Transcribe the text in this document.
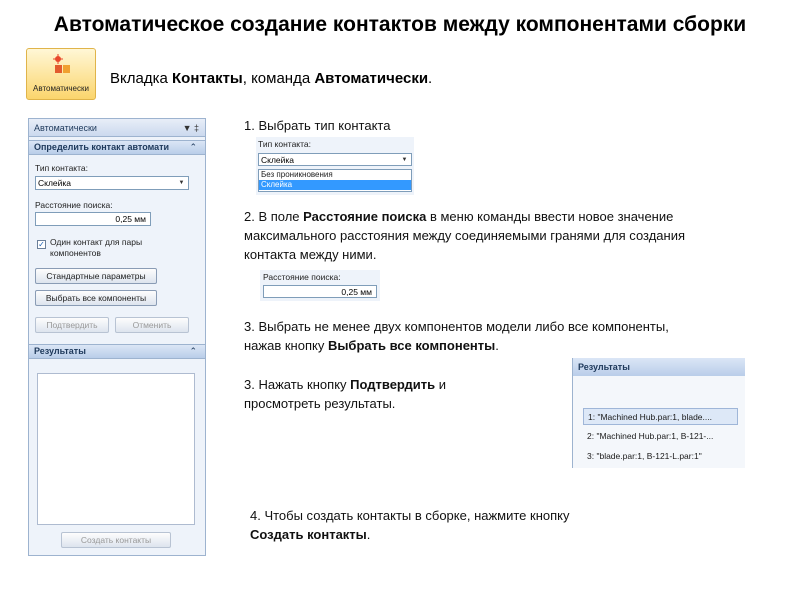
Автоматическое создание контактов между компонентами сборки
Автоматически
Вкладка Контакты, команда Автоматически.
Автоматически	▼ ‡
Определить контакт автомати ⌃
Тип контакта:
Склейка	▼
Расстояние поиска:
0,25 мм
✓ Один контакт для пары
компонентов
Стандартные параметры
Выбрать все компоненты
Подтвердить	Отменить
Результаты	⌃
Создать контакты
1. Выбрать тип контакта
Тип контакта:
Склейка	▼
Без проникновения
Склейка
2. В поле Расстояние поиска в меню команды ввести новое значение
максимального расстояния между соединяемыми гранями для создания
контакта между ними.
Расстояние поиска:
0,25 мм
3. Выбрать не менее двух компонентов модели либо все компоненты,
нажав кнопку Выбрать все компоненты.
3. Нажать кнопку Подтвердить и
просмотреть результаты.
Результаты
1: "Machined Hub.par:1, blade....
2: "Machined Hub.par:1, B-121-...
3: "blade.par:1, B-121-L.par:1"
4. Чтобы создать контакты в сборке, нажмите кнопку
Создать контакты.
